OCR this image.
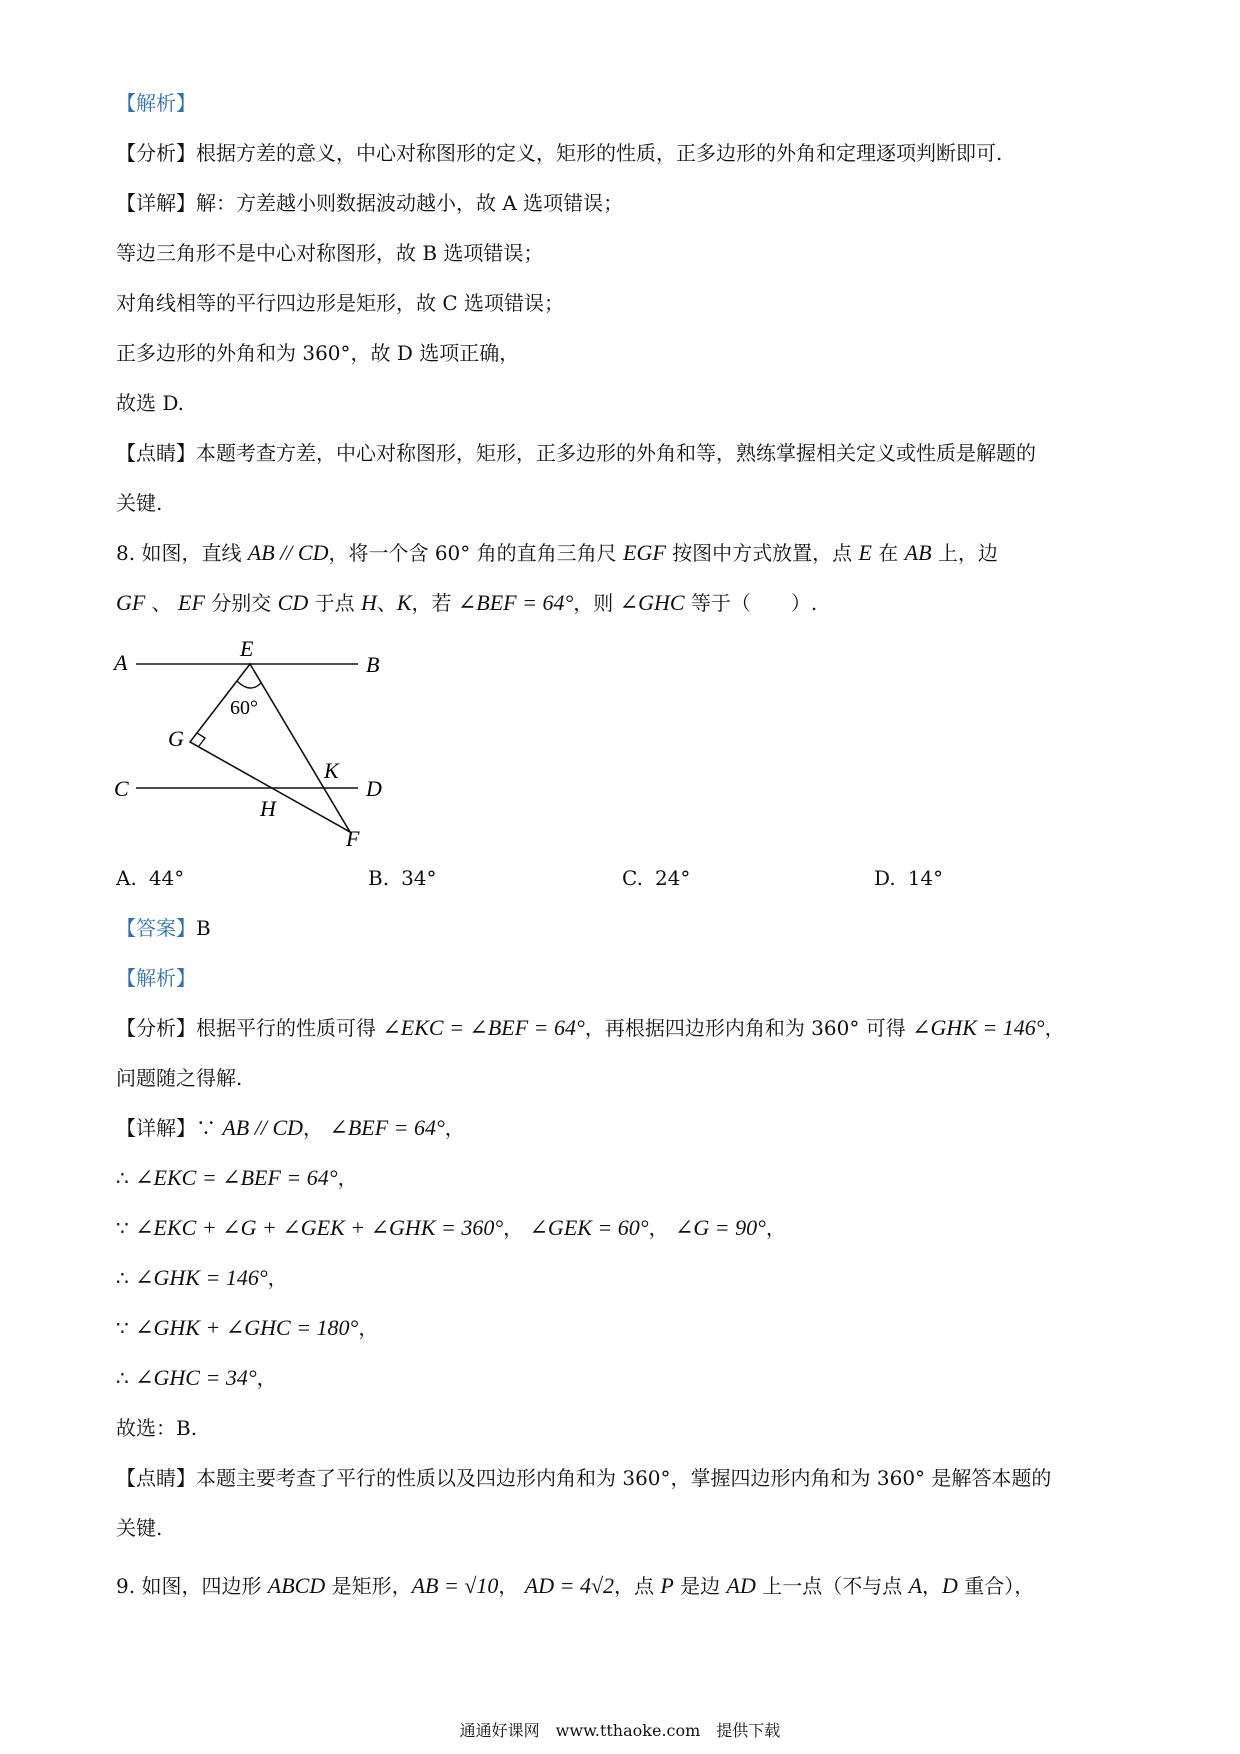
【解析】
【分析】根据方差的意义，中心对称图形的定义，矩形的性质，正多边形的外角和定理逐项判断即可.
【详解】解：方差越小则数据波动越小，故 A 选项错误；
等边三角形不是中心对称图形，故 B 选项错误；
对角线相等的平行四边形是矩形，故 C 选项错误；
正多边形的外角和为 360°，故 D 选项正确，
故选 D.
【点睛】本题考查方差，中心对称图形，矩形，正多边形的外角和等，熟练掌握相关定义或性质是解题的
关键.
8. 如图，直线 AB // CD，将一个含 60° 角的直角三角尺 EGF 按图中方式放置，点 E 在 AB 上，边
GF 、 EF 分别交 CD 于点 H、K，若 ∠BEF = 64°，则 ∠GHC 等于（　　）.
【答案】B
【解析】
【分析】根据平行的性质可得 ∠EKC = ∠BEF = 64°，再根据四边形内角和为 360° 可得 ∠GHK = 146°，
问题随之得解.
【详解】∵ AB // CD， ∠BEF = 64°，
∴ ∠EKC = ∠BEF = 64°，
∵ ∠EKC + ∠G + ∠GEK + ∠GHK = 360°， ∠GEK = 60°， ∠G = 90°，
∴ ∠GHK = 146°，
∵ ∠GHK + ∠GHC = 180°，
∴ ∠GHC = 34°，
故选：B.
【点睛】本题主要考查了平行的性质以及四边形内角和为 360°，掌握四边形内角和为 360° 是解答本题的
关键.
9. 如图，四边形 ABCD 是矩形，AB = √10， AD = 4√2，点 P 是边 AD 上一点（不与点 A，D 重合），
A	B
E
60°
G
K
C	D
H
F
A. 44°	B. 34°	C. 24°	D. 14°
通通好课网　www.tthaoke.com　提供下载
